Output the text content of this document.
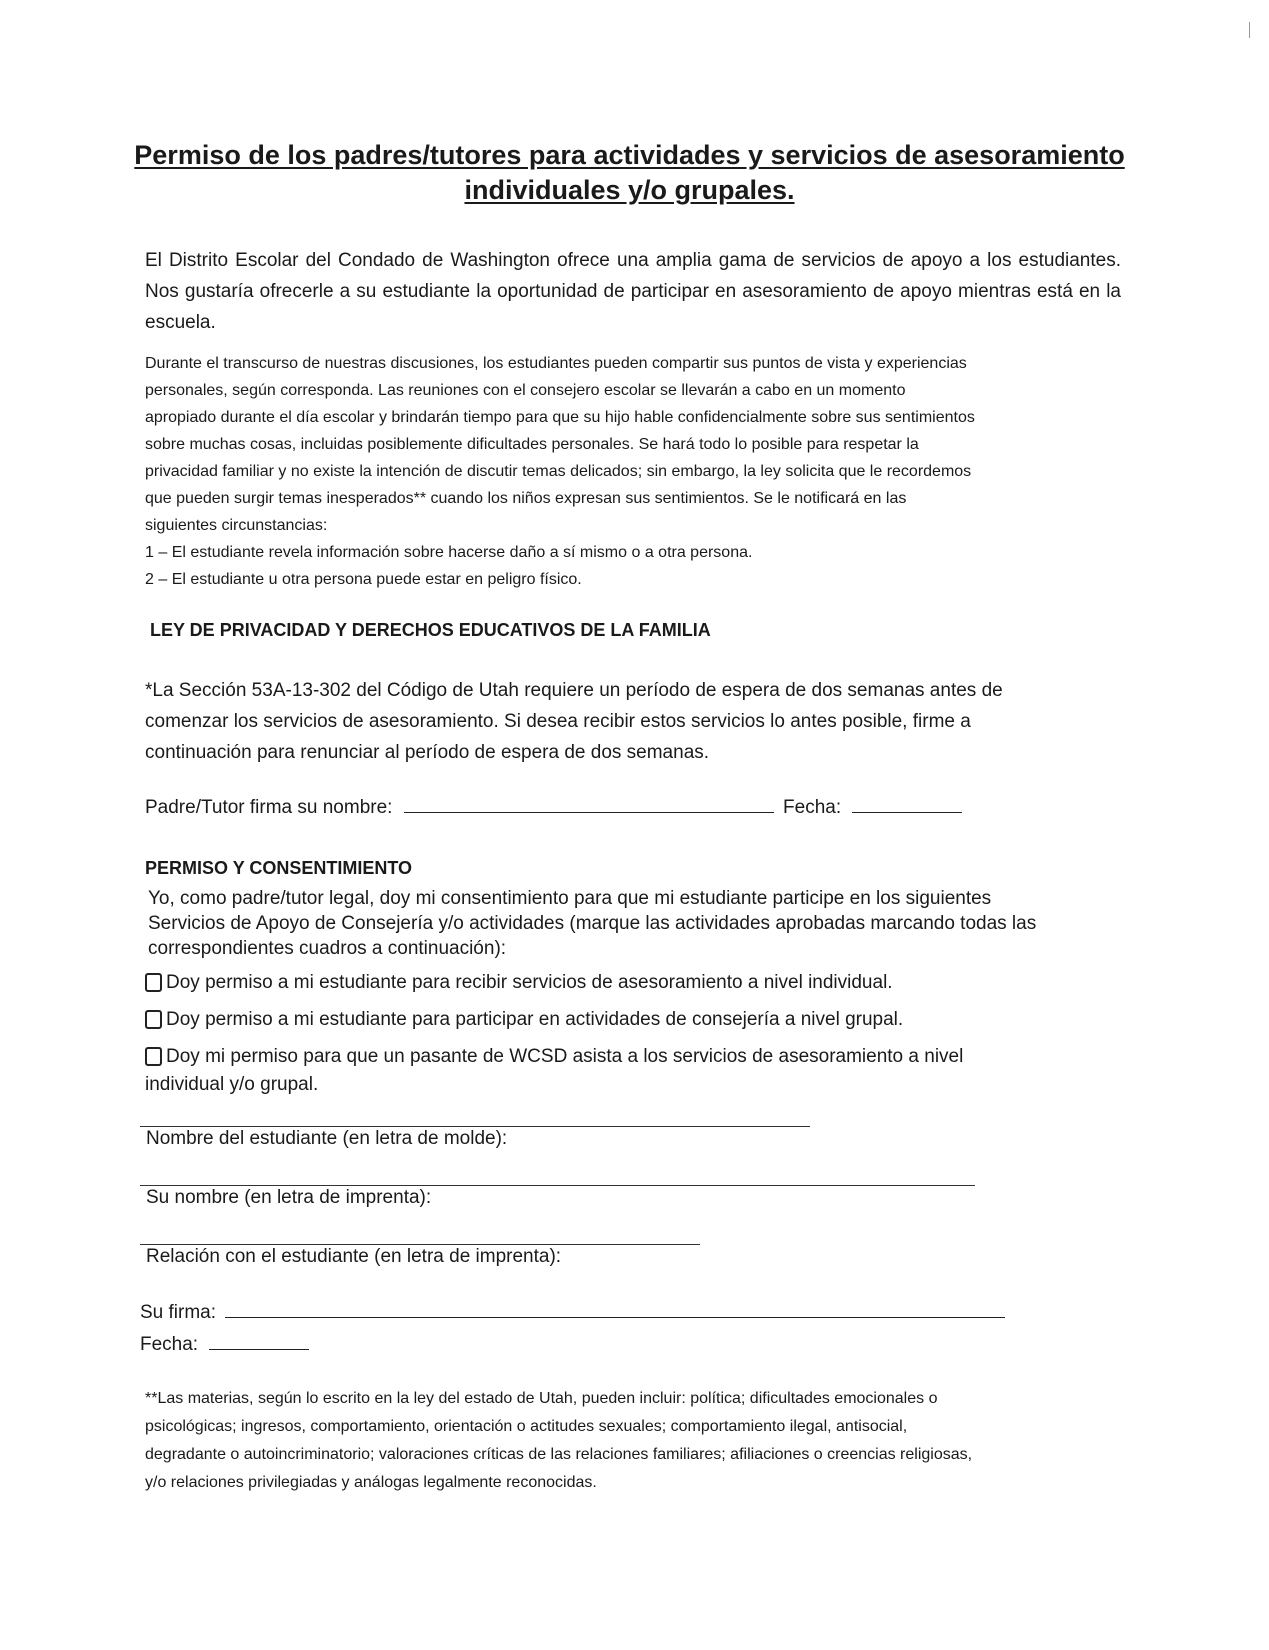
Permiso de los padres/tutores para actividades y servicios de asesoramiento
individuales y/o grupales.
El Distrito Escolar del Condado de Washington ofrece una amplia gama de servicios de apoyo a los estudiantes. Nos gustaría ofrecerle a su estudiante la oportunidad de participar en asesoramiento de apoyo mientras está en la escuela.
Durante el transcurso de nuestras discusiones, los estudiantes pueden compartir sus puntos de vista y experiencias
personales, según corresponda. Las reuniones con el consejero escolar se llevarán a cabo en un momento
apropiado durante el día escolar y brindarán tiempo para que su hijo hable confidencialmente sobre sus sentimientos
sobre muchas cosas, incluidas posiblemente dificultades personales. Se hará todo lo posible para respetar la
privacidad familiar y no existe la intención de discutir temas delicados; sin embargo, la ley solicita que le recordemos
que pueden surgir temas inesperados** cuando los niños expresan sus sentimientos. Se le notificará en las
siguientes circunstancias:
1 – El estudiante revela información sobre hacerse daño a sí mismo o a otra persona.
2 – El estudiante u otra persona puede estar en peligro físico.
LEY DE PRIVACIDAD Y DERECHOS EDUCATIVOS DE LA FAMILIA
*La Sección 53A-13-302 del Código de Utah requiere un período de espera de dos semanas antes de
comenzar los servicios de asesoramiento. Si desea recibir estos servicios lo antes posible, firme a
continuación para renunciar al período de espera de dos semanas.
Padre/Tutor firma su nombre:	Fecha:
PERMISO Y CONSENTIMIENTO
Yo, como padre/tutor legal, doy mi consentimiento para que mi estudiante participe en los siguientes
Servicios de Apoyo de Consejería y/o actividades (marque las actividades aprobadas marcando todas las
correspondientes cuadros a continuación):
Doy permiso a mi estudiante para recibir servicios de asesoramiento a nivel individual.
Doy permiso a mi estudiante para participar en actividades de consejería a nivel grupal.
Doy mi permiso para que un pasante de WCSD asista a los servicios de asesoramiento a nivel
individual y/o grupal.
Nombre del estudiante (en letra de molde):
Su nombre (en letra de imprenta):
Relación con el estudiante (en letra de imprenta):
Su firma:
Fecha:
**Las materias, según lo escrito en la ley del estado de Utah, pueden incluir: política; dificultades emocionales o
psicológicas; ingresos, comportamiento, orientación o actitudes sexuales; comportamiento ilegal, antisocial,
degradante o autoincriminatorio; valoraciones críticas de las relaciones familiares; afiliaciones o creencias religiosas,
y/o relaciones privilegiadas y análogas legalmente reconocidas.
